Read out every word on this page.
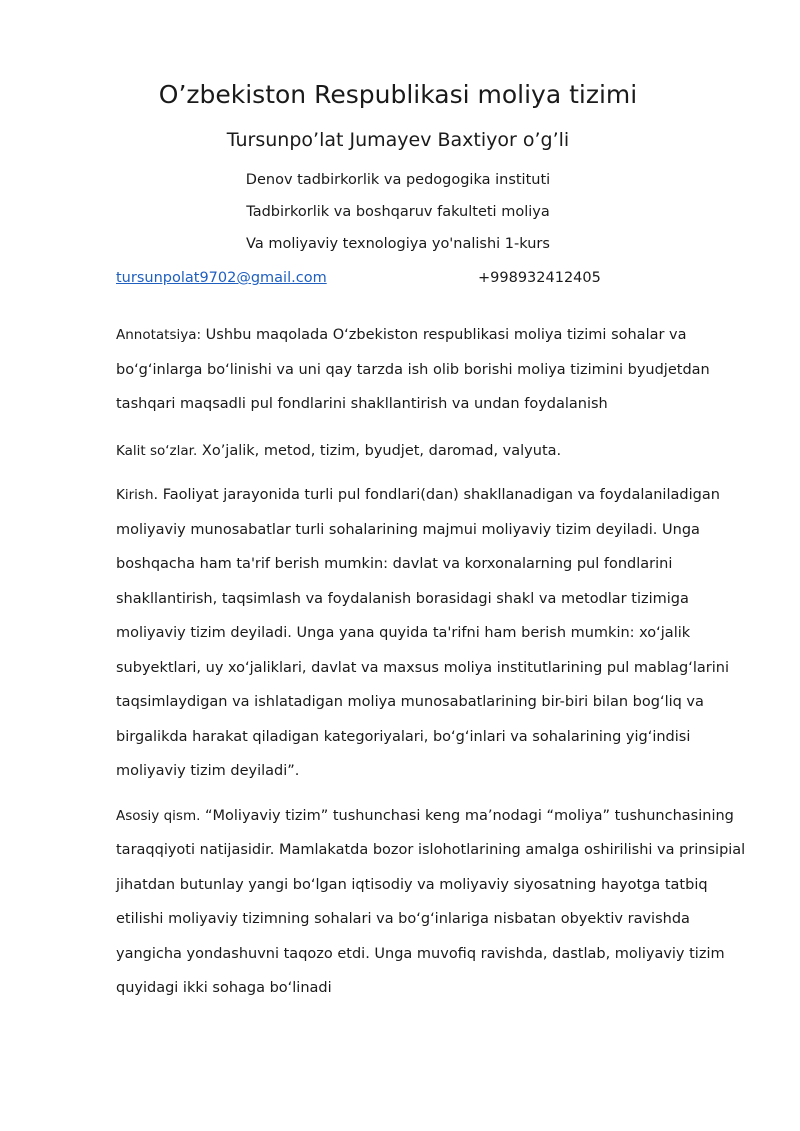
O’zbekiston Respublikasi moliya tizimi
Tursunpo’lat Jumayev Baxtiyor o’g’li
Denov tadbirkorlik va pedogogika instituti
Tadbirkorlik va boshqaruv fakulteti moliya
Va moliyaviy texnologiya yo'nalishi 1-kurs
tursunpolat9702@gmail.com	+998932412405

Annotatsiya: Ushbu maqolada O‘zbekiston respublikasi moliya tizimi sohalar va bo‘g‘inlarga bo‘linishi va uni qay tarzda ish olib borishi moliya tizimini byudjetdan tashqari maqsadli pul fondlarini shakllantirish va undan foydalanish

Kalit so‘zlar. Xo’jalik, metod, tizim, byudjet, daromad, valyuta.

Kirish. Faoliyat jarayonida turli pul fondlari(dan) shakllanadigan va foydalaniladigan moliyaviy munosabatlar turli sohalarining majmui moliyaviy tizim deyiladi. Unga boshqacha ham ta'rif berish mumkin: davlat va korxonalarning pul fondlarini shakllantirish, taqsimlash va foydalanish borasidagi shakl va metodlar tizimiga moliyaviy tizim deyiladi. Unga yana quyida ta'rifni ham berish mumkin: xo‘jalik subyektlari, uy xo‘jaliklari, davlat va maxsus moliya institutlarining pul mablag‘larini taqsimlaydigan va ishlatadigan moliya munosabatlarining bir-biri bilan bog‘liq va birgalikda harakat qiladigan kategoriyalari, bo‘g‘inlari va sohalarining yig‘indisi moliyaviy tizim deyiladi”.

Asosiy qism. “Moliyaviy tizim” tushunchasi keng ma’nodagi “moliya” tushunchasining taraqqiyoti natijasidir. Mamlakatda bozor islohotlarining amalga oshirilishi va prinsipial jihatdan butunlay yangi bo‘lgan iqtisodiy va moliyaviy siyosatning hayotga tatbiq etilishi moliyaviy tizimning sohalari va bo‘g‘inlariga nisbatan obyektiv ravishda yangicha yondashuvni taqozo etdi. Unga muvofiq ravishda, dastlab, moliyaviy tizim quyidagi ikki sohaga bo‘linadi
